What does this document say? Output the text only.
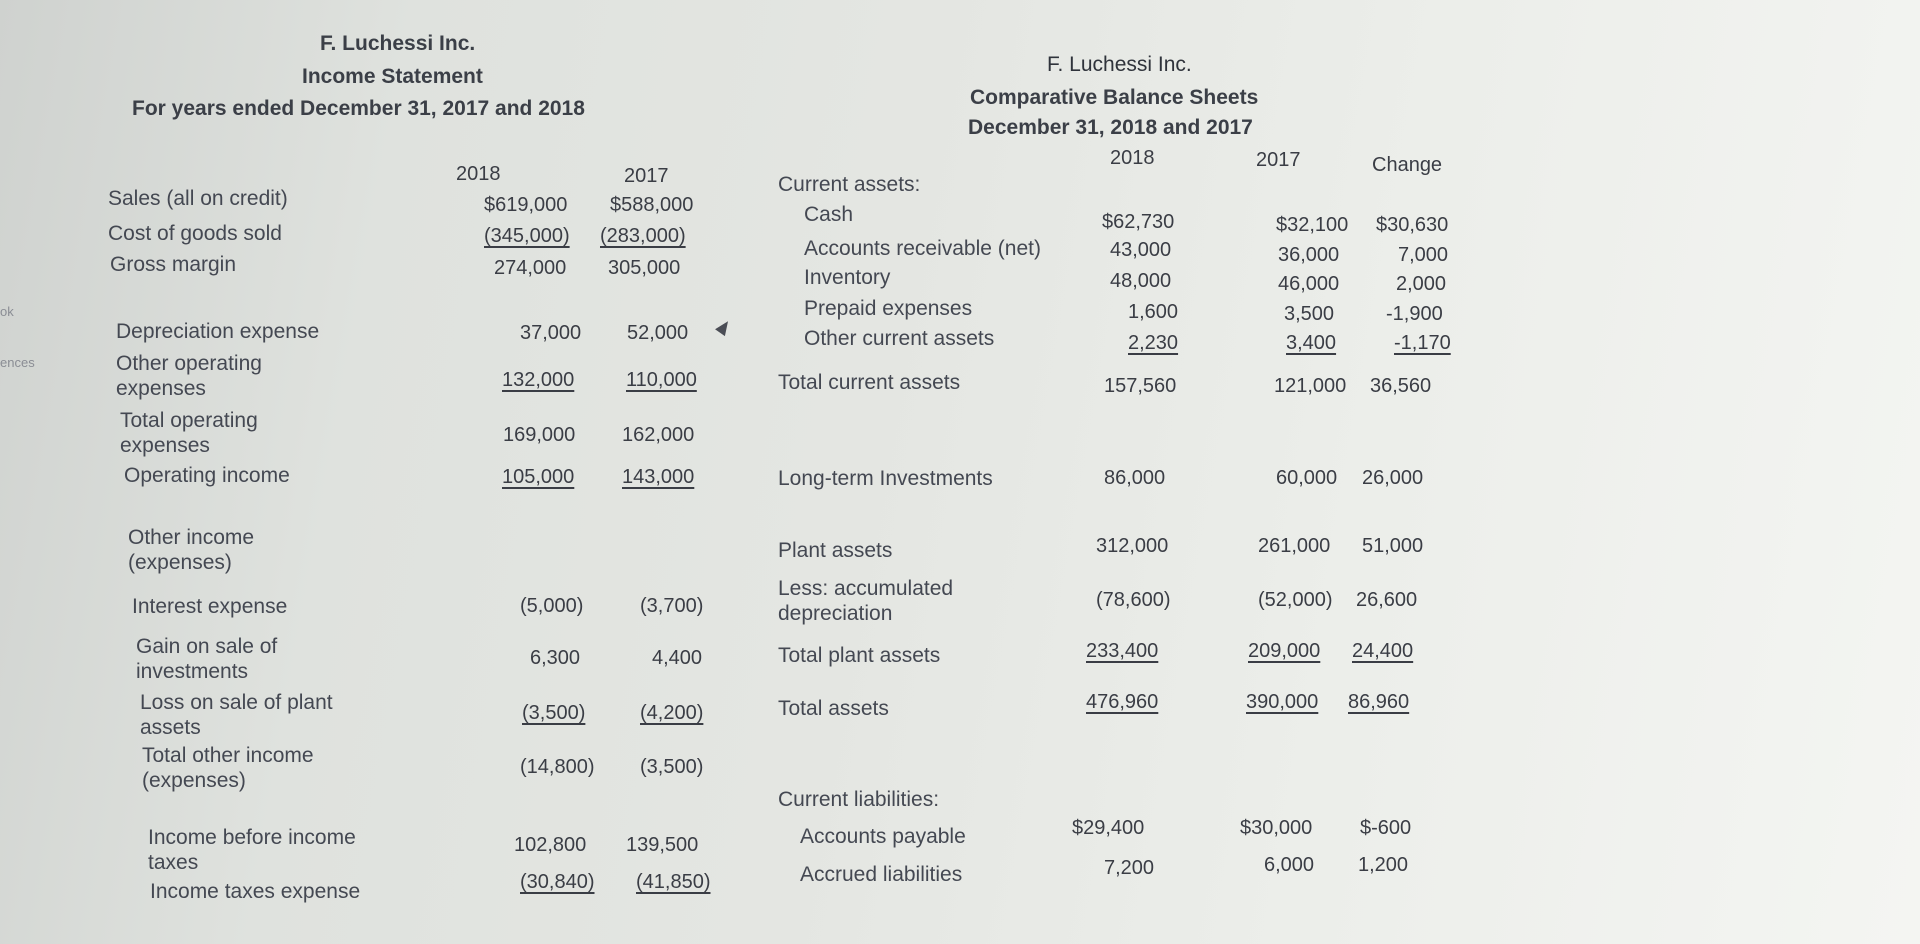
ok
ences
F. Luchessi Inc.
Income Statement
For years ended December 31, 2017 and 2018
2018	2017
Sales (all on credit)	$619,000 $588,000
Cost of goods sold	(345,000) (283,000)
Gross margin	274,000 305,000
Depreciation expense	37,000 52,000
Other operating expenses	132,000	110,000
Total operating expenses	169,000 162,000
Operating income	105,000 143,000
Other income (expenses)
Interest expense	(5,000)	(3,700)
Gain on sale of investments
6,300	4,400
Loss on sale of plant assets
(3,500)	(4,200)
Total other income (expenses)
(14,800) (3,500)
Income before income taxes
102,800 139,500
Income taxes expense	(30,840) (41,850)
F. Luchessi Inc.
Comparative Balance Sheets
December 31, 2018 and 2017
2018	2017	Change
Current assets:
Cash	$62,730	$32,100 $30,630
Accounts receivable (net)	43,000	36,000	7,000
Inventory	48,000	46,000	2,000
Prepaid expenses	1,600	3,500	-1,900
Other current assets	2,230	3,400	-1,170
Total current assets	157,560	121,000 36,560
Long-term Investments	86,000	60,000 26,000
Plant assets	312,000	261,000 51,000
Less: accumulated depreciation
(78,600)	(52,000) 26,600
Total plant assets	233,400	209,000 24,400
Total assets	476,960	390,000 86,960
Current liabilities:
Accounts payable	$29,400	$30,000 $-600
Accrued liabilities	7,200	6,000 1,200
